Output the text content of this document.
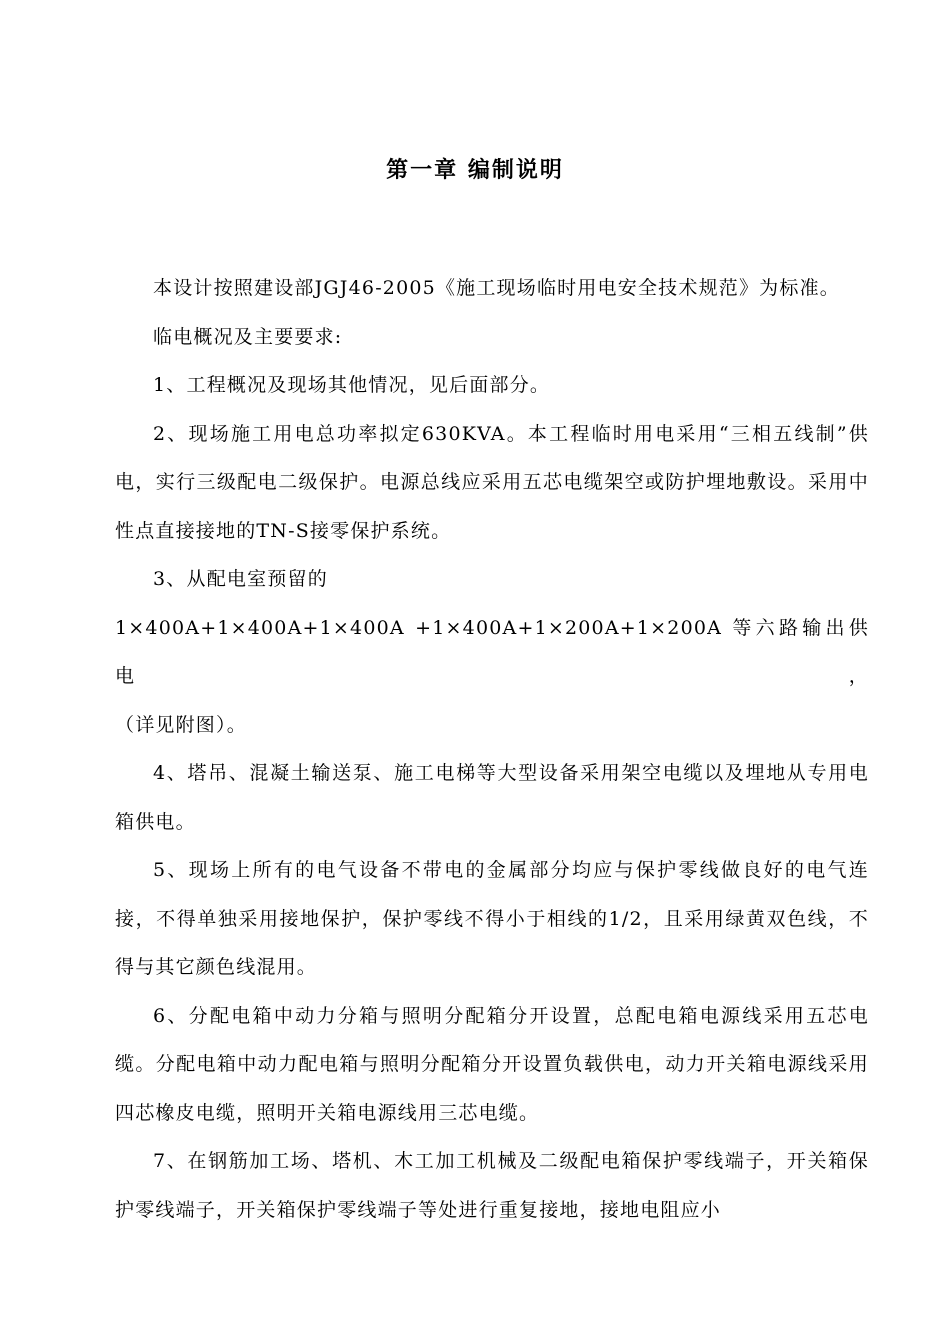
第一章 编制说明

本设计按照建设部JGJ46-2005《施工现场临时用电安全技术规范》为标准。

临电概况及主要要求:

1、工程概况及现场其他情况，见后面部分。

2、现场施工用电总功率拟定630KVA。本工程临时用电采用“三相五线制”供电，实行三级配电二级保护。电源总线应采用五芯电缆架空或防护埋地敷设。采用中性点直接接地的TN-S接零保护系统。

3、从配电室预留的

1×400A+1×400A+1×400A +1×400A+1×200A+1×200A 等六路输出供电，

（详见附图）。

4、塔吊、混凝土输送泵、施工电梯等大型设备采用架空电缆以及埋地从专用电箱供电。

5、现场上所有的电气设备不带电的金属部分均应与保护零线做良好的电气连接，不得单独采用接地保护，保护零线不得小于相线的1/2，且采用绿黄双色线，不得与其它颜色线混用。

6、分配电箱中动力分箱与照明分配箱分开设置，总配电箱电源线采用五芯电缆。分配电箱中动力配电箱与照明分配箱分开设置负载供电，动力开关箱电源线采用四芯橡皮电缆，照明开关箱电源线用三芯电缆。

7、在钢筋加工场、塔机、木工加工机械及二级配电箱保护零线端子，开关箱保护零线端子，开关箱保护零线端子等处进行重复接地，接地电阻应小
